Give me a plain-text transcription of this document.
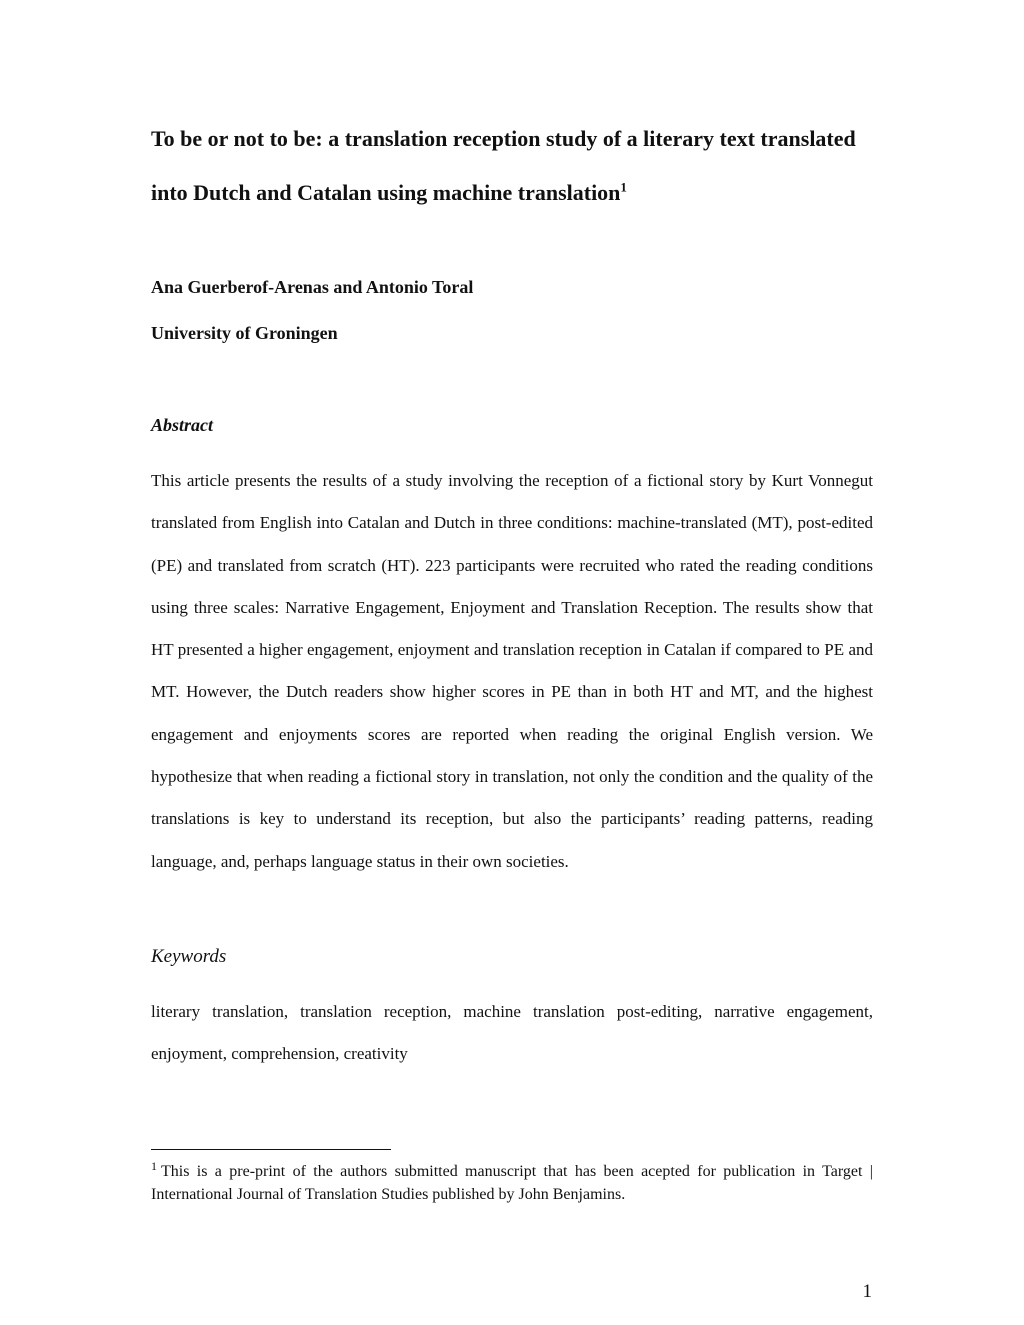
To be or not to be: a translation reception study of a literary text translated into Dutch and Catalan using machine translation$^1$
Ana Guerberof-Arenas and Antonio Toral
University of Groningen
Abstract

This article presents the results of a study involving the reception of a fictional story by Kurt Vonnegut translated from English into Catalan and Dutch in three conditions: machine-translated (MT), post-edited (PE) and translated from scratch (HT). 223 participants were recruited who rated the reading conditions using three scales: Narrative Engagement, Enjoyment and Translation Reception. The results show that HT presented a higher engagement, enjoyment and translation reception in Catalan if compared to PE and MT. However, the Dutch readers show higher scores in PE than in both HT and MT, and the highest engagement and enjoyments scores are reported when reading the original English version. We hypothesize that when reading a fictional story in translation, not only the condition and the quality of the translations is key to understand its reception, but also the participants’ reading patterns, reading language, and, perhaps language status in their own societies.

Keywords

literary translation, translation reception, machine translation post-editing, narrative engagement, enjoyment, comprehension, creativity

$^1$ This is a pre-print of the authors submitted manuscript that has been acepted for publication in Target | International Journal of Translation Studies published by John Benjamins.

1
